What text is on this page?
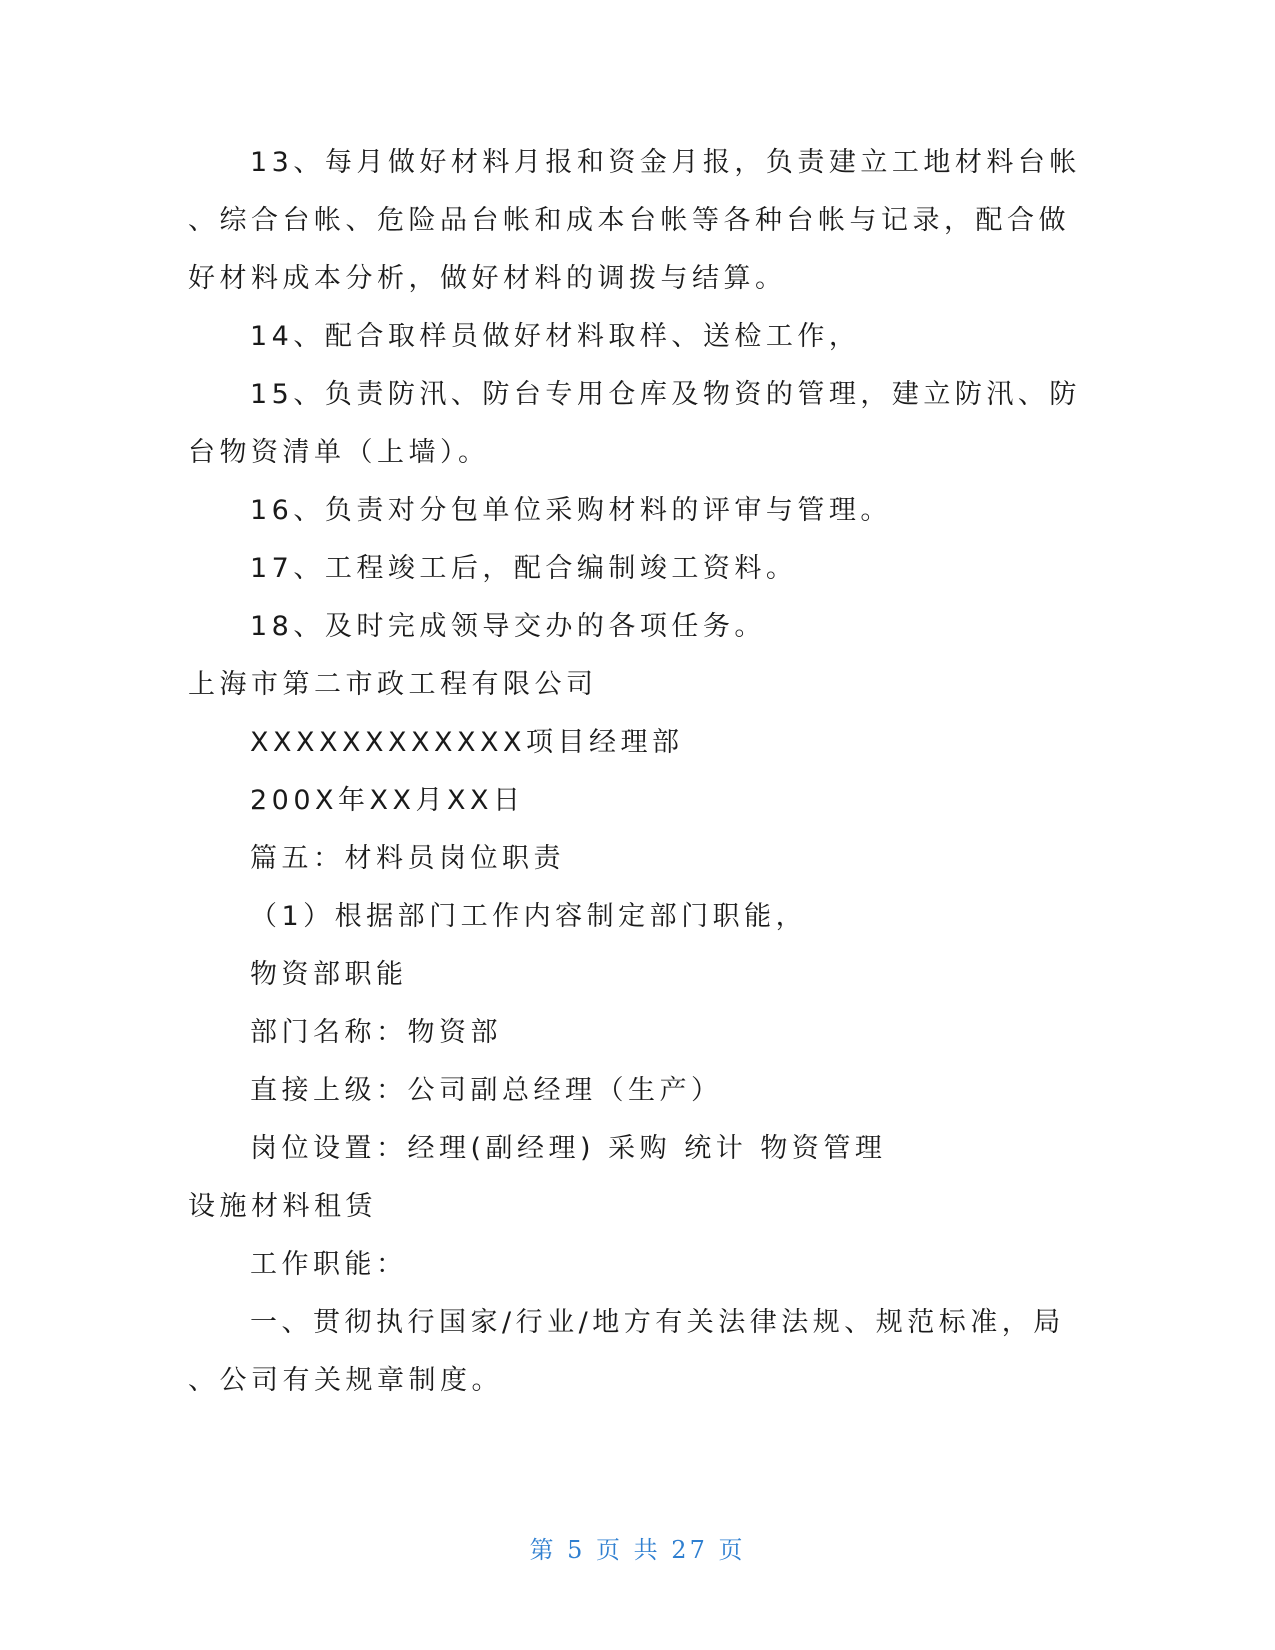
13、每月做好材料月报和资金月报，负责建立工地材料台帐
、综合台帐、危险品台帐和成本台帐等各种台帐与记录，配合做
好材料成本分析，做好材料的调拨与结算。
14、配合取样员做好材料取样、送检工作，
15、负责防汛、防台专用仓库及物资的管理，建立防汛、防
台物资清单（上墙）。
16、负责对分包单位采购材料的评审与管理。
17、工程竣工后，配合编制竣工资料。
18、及时完成领导交办的各项任务。
上海市第二市政工程有限公司
XXXXXXXXXXXX项目经理部
200X年XX月XX日
篇五：材料员岗位职责
（1）根据部门工作内容制定部门职能，
物资部职能
部门名称：物资部
直接上级：公司副总经理（生产）
岗位设置：经理(副经理) 采购 统计 物资管理
设施材料租赁
工作职能：
一、贯彻执行国家/行业/地方有关法律法规、规范标准，局
、公司有关规章制度。
第 5 页 共 27 页
